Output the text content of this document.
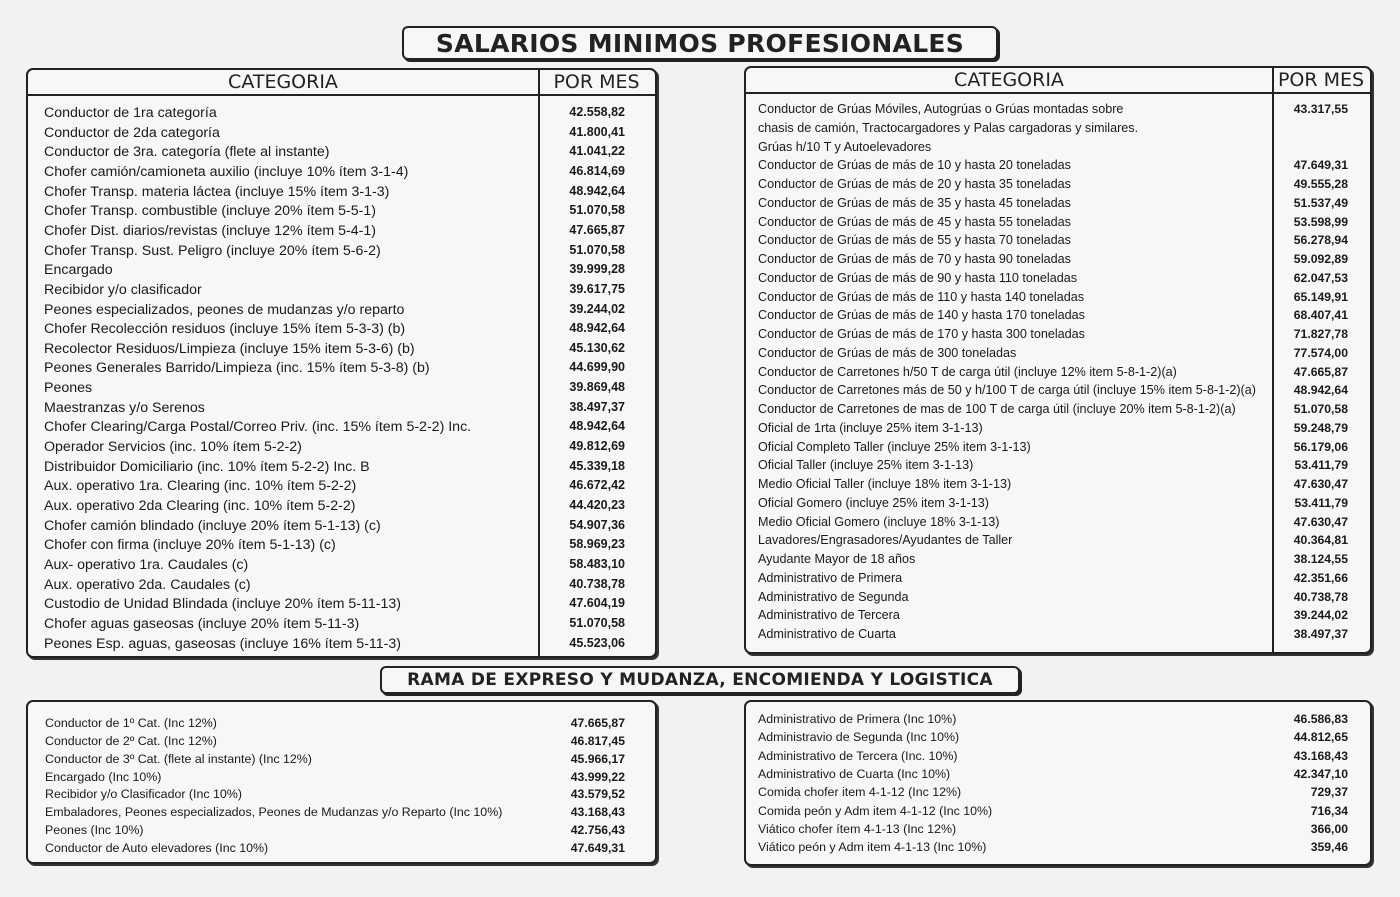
SALARIOS MINIMOS PROFESIONALES
CATEGORIA	POR MES
Conductor de 1ra categoría	42.558,82
Conductor de 2da categoría	41.800,41
Conductor de 3ra. categoría (flete al instante)	41.041,22
Chofer camión/camioneta auxilio (incluye 10% ítem 3-1-4)	46.814,69
Chofer Transp. materia láctea (incluye 15% ítem 3-1-3)	48.942,64
Chofer Transp. combustible (incluye 20% ítem 5-5-1)	51.070,58
Chofer Dist. diarios/revistas (incluye 12% ítem 5-4-1)	47.665,87
Chofer Transp. Sust. Peligro (incluye 20% ítem 5-6-2)	51.070,58
Encargado	39.999,28
Recibidor y/o clasificador	39.617,75
Peones especializados, peones de mudanzas y/o reparto	39.244,02
Chofer Recolección residuos (incluye 15% ítem 5-3-3) (b)	48.942,64
Recolector Residuos/Limpieza (incluye 15% item 5-3-6) (b)	45.130,62
Peones Generales Barrido/Limpieza (inc. 15% ítem 5-3-8) (b)	44.699,90
Peones	39.869,48
Maestranzas y/o Serenos	38.497,37
Chofer Clearing/Carga Postal/Correo Priv. (inc. 15% ítem 5-2-2) Inc.	48.942,64
Operador Servicios (inc. 10% ítem 5-2-2)	49.812,69
Distribuidor Domiciliario (inc. 10% ítem 5-2-2) Inc. B	45.339,18
Aux. operativo 1ra. Clearing (inc. 10% ítem 5-2-2)	46.672,42
Aux. operativo 2da Clearing (inc. 10% ítem 5-2-2)	44.420,23
Chofer camión blindado (incluye 20% ítem 5-1-13) (c)	54.907,36
Chofer con firma (incluye 20% ítem 5-1-13) (c)	58.969,23
Aux- operativo 1ra. Caudales (c)	58.483,10
Aux. operativo 2da. Caudales (c)	40.738,78
Custodio de Unidad Blindada (incluye 20% ítem 5-11-13)	47.604,19
Chofer aguas gaseosas (incluye 20% ítem 5-11-3)	51.070,58
Peones Esp. aguas, gaseosas (incluye 16% ítem 5-11-3)	45.523,06
CATEGORIA	POR MES
Conductor de Grúas Móviles, Autogrúas o Grúas montadas sobre	43.317,55
chasis de camión, Tractocargadores y Palas cargadoras y similares.
Grúas h/10 T y Autoelevadores
Conductor de Grúas de más de 10 y hasta 20 toneladas	47.649,31
Conductor de Grúas de más de 20 y hasta 35 toneladas	49.555,28
Conductor de Grúas de más de 35 y hasta 45 toneladas	51.537,49
Conductor de Grúas de más de 45 y hasta 55 toneladas	53.598,99
Conductor de Grúas de más de 55 y hasta 70 toneladas	56.278,94
Conductor de Grúas de más de 70 y hasta 90 toneladas	59.092,89
Conductor de Grúas de más de 90 y hasta 110 toneladas	62.047,53
Conductor de Grúas de más de 110 y hasta 140 toneladas	65.149,91
Conductor de Grúas de más de 140 y hasta 170 toneladas	68.407,41
Conductor de Grúas de más de 170 y hasta 300 toneladas	71.827,78
Conductor de Grúas de más de 300 toneladas	77.574,00
Conductor de Carretones h/50 T de carga útil (incluye 12% item 5-8-1-2)(a)	47.665,87
Conductor de Carretones más de 50 y h/100 T de carga útil (incluye 15% item 5-8-1-2)(a)	48.942,64
Conductor de Carretones de mas de 100 T de carga útil (incluye 20% item 5-8-1-2)(a)	51.070,58
Oficial de 1rta (incluye 25% item 3-1-13)	59.248,79
Oficial Completo Taller (incluye 25% item 3-1-13)	56.179,06
Oficial Taller (incluye 25% item 3-1-13)	53.411,79
Medio Oficial Taller (incluye 18% item 3-1-13)	47.630,47
Oficial Gomero (incluye 25% item 3-1-13)	53.411,79
Medio Oficial Gomero (incluye 18% 3-1-13)	47.630,47
Lavadores/Engrasadores/Ayudantes de Taller	40.364,81
Ayudante Mayor de 18 años	38.124,55
Administrativo de Primera	42.351,66
Administrativo de Segunda	40.738,78
Administrativo de Tercera	39.244,02
Administrativo de Cuarta	38.497,37
RAMA DE EXPRESO Y MUDANZA, ENCOMIENDA Y LOGISTICA
Conductor de 1º Cat. (Inc 12%)	47.665,87
Conductor de 2º Cat. (Inc 12%)	46.817,45
Conductor de 3º Cat. (flete al instante) (Inc 12%)	45.966,17
Encargado (Inc 10%)	43.999,22
Recibidor y/o Clasificador (Inc 10%)	43.579,52
Embaladores, Peones especializados, Peones de Mudanzas y/o Reparto (Inc 10%)	43.168,43
Peones (Inc 10%)	42.756,43
Conductor de Auto elevadores (Inc 10%)	47.649,31
Administrativo de Primera (Inc 10%)	46.586,83
Administravio de Segunda (Inc 10%)	44.812,65
Administrativo de Tercera (Inc. 10%)	43.168,43
Administrativo de Cuarta (Inc 10%)	42.347,10
Comida chofer item 4-1-12 (Inc 12%)	729,37
Comida peón y Adm item 4-1-12 (Inc 10%)	716,34
Viático chofer ítem 4-1-13 (Inc 12%)	366,00
Viático peón y Adm item 4-1-13 (Inc 10%)	359,46
